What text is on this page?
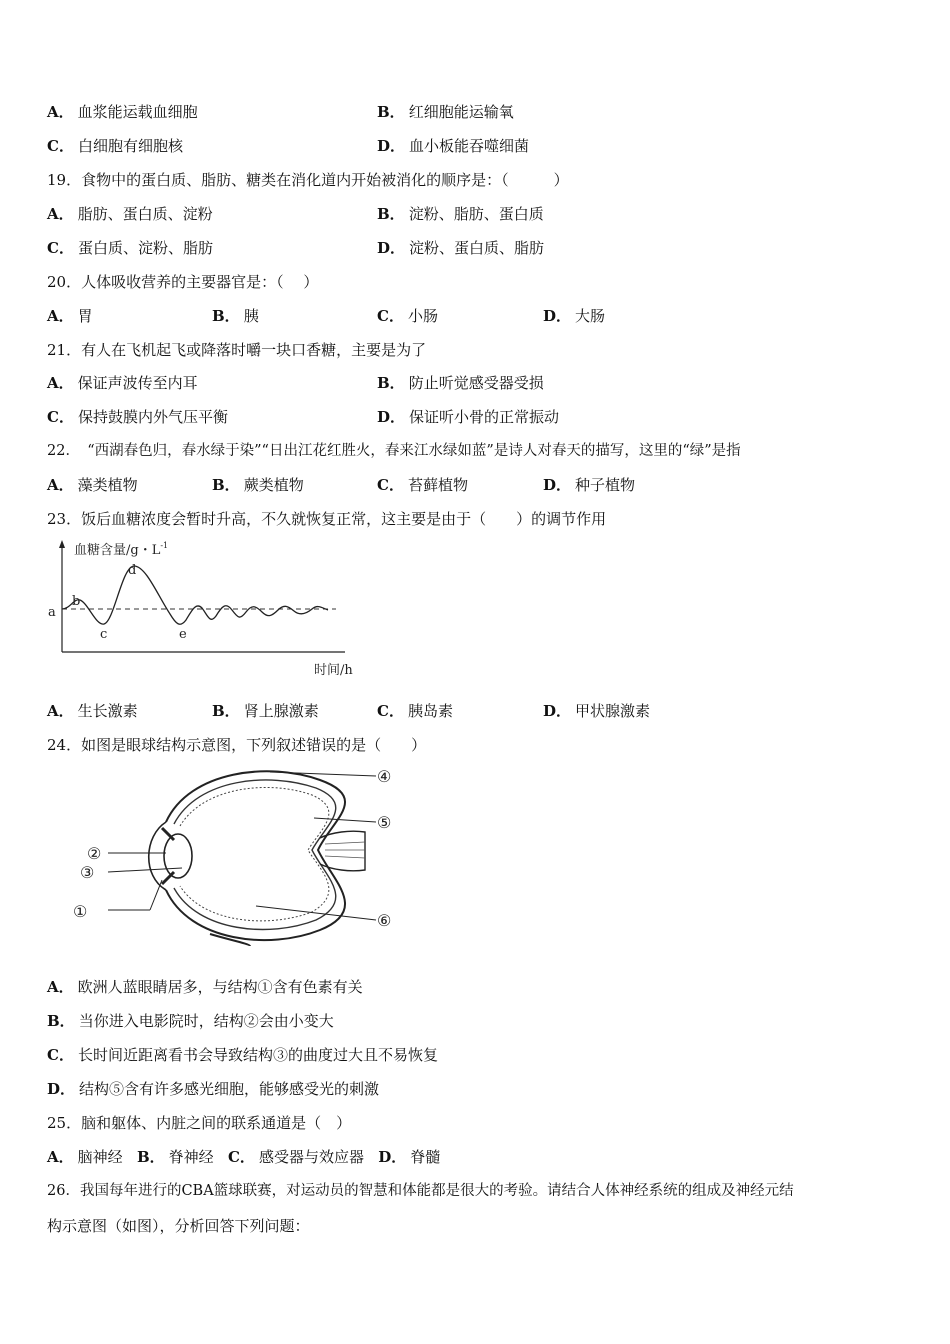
A． 血浆能运载血细胞	B． 红细胞能运输氧
C． 白细胞有细胞核	D． 血小板能吞噬细菌
19．食物中的蛋白质、脂肪、糖类在消化道内开始被消化的顺序是：（　　　）
A． 脂肪、蛋白质、淀粉	B． 淀粉、脂肪、蛋白质
C． 蛋白质、淀粉、脂肪	D． 淀粉、蛋白质、脂肪
20．人体吸收营养的主要器官是：（　 ）
A． 胃	B． 胰	C． 小肠	D． 大肠
21．有人在飞机起飞或降落时嚼一块口香糖，主要是为了
A． 保证声波传至内耳	B． 防止听觉感受器受损
C． 保持鼓膜内外气压平衡	D． 保证听小骨的正常振动
22．　“西湖春色归，春水绿于染”“日出江花红胜火，春来江水绿如蓝”是诗人对春天的描写，这里的“绿”是指
A． 藻类植物	B． 蕨类植物	C． 苔藓植物	D． 种子植物
23．饭后血糖浓度会暂时升高，不久就恢复正常，这主要是由于（　　）的调节作用
血糖含量/g・$L^{-1}$
a
b
c
d
e
时间/h
A． 生长激素	B． 肾上腺激素	C． 胰岛素	D． 甲状腺激素
24．如图是眼球结构示意图，下列叙述错误的是（　　）
④
⑤
②
③
①	⑥
A． 欧洲人蓝眼睛居多，与结构①含有色素有关
B． 当你进入电影院时，结构②会由小变大
C． 长时间近距离看书会导致结构③的曲度过大且不易恢复
D． 结构⑤含有许多感光细胞，能够感受光的刺激
25．脑和躯体、内脏之间的联系通道是（　）
A． 脑神经 B． 脊神经 C． 感受器与效应器 D． 脊髓
26．我国每年进行的CBA篮球联赛，对运动员的智慧和体能都是很大的考验。请结合人体神经系统的组成及神经元结
构示意图（如图），分析回答下列问题：
